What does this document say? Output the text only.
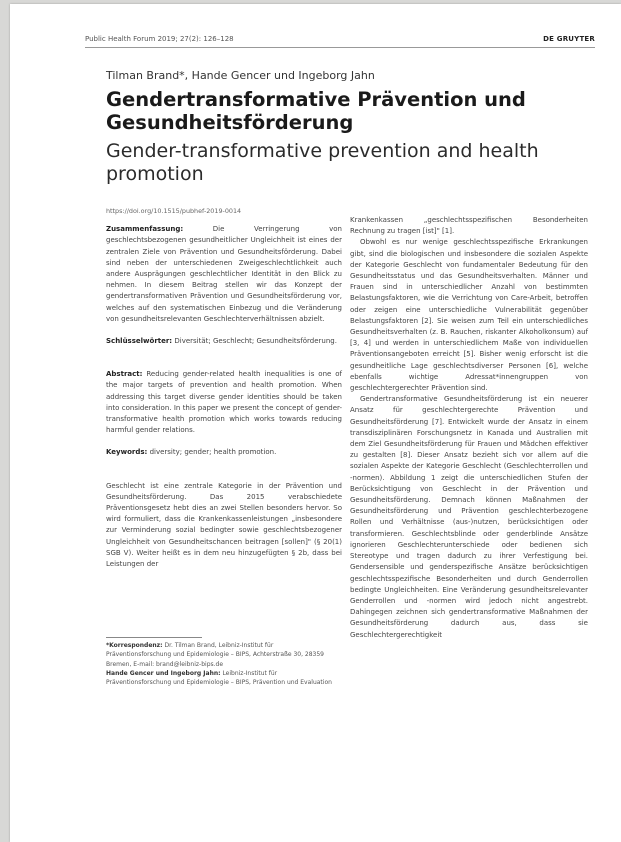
Public Health Forum 2019; 27(2): 126–128	DE GRUYTER
Tilman Brand*, Hande Gencer und Ingeborg Jahn
Gendertransformative Prävention und
Gesundheitsförderung
Gender-transformative prevention and health
promotion

https://doi.org/10.1515/pubhef-2019-0014

Zusammenfassung:	Die Verringerung von geschlechtsbezogenen gesundheitlicher Ungleichheit ist eines der zentralen Ziele von Prävention und Gesundheitsförderung. Dabei sind neben der unterschiedenen Zweigeschlechtlichkeit auch andere Ausprägungen geschlechtlicher Identität in den Blick zu nehmen. In diesem Beitrag stellen wir das Konzept der gendertransformativen Prävention und Gesundheitsförderung vor, welches auf den systematischen Einbezug und die Veränderung von gesundheitsrelevanten Geschlechterverhältnissen abzielt.

Schlüsselwörter: Diversität; Geschlecht; Gesundheitsförderung.

Abstract: Reducing gender-related health inequalities is one of the major targets of prevention and health promotion. When addressing this target diverse gender identities should be taken into consideration. In this paper we present the concept of gender-transformative health promotion which works towards reducing harmful gender relations.

Keywords: diversity; gender; health promotion.

Geschlecht ist eine zentrale Kategorie in der Prävention und Gesundheitsförderung. Das 2015 verabschiedete Präventionsgesetz hebt dies an zwei Stellen besonders hervor. So wird formuliert, dass die Krankenkassenleistungen „insbesondere zur Verminderung sozial bedingter sowie geschlechtsbezogener Ungleichheit von Gesundheitschancen beitragen [sollen]" (§ 20(1) SGB V). Weiter heißt es in dem neu hinzugefügten § 2b, dass bei Leistungen der

*Korrespondenz: Dr. Tilman Brand, Leibniz-Institut für Präventionsforschung und Epidemiologie – BIPS, Achterstraße 30, 28359 Bremen, E-mail: brand@leibniz-bips.de
Hande Gencer und Ingeborg Jahn: Leibniz-Institut für Präventionsforschung und Epidemiologie – BIPS, Prävention und Evaluation

Krankenkassen „geschlechtsspezifischen Besonderheiten Rechnung zu tragen [ist]" [1].

Obwohl es nur wenige geschlechtsspezifische Erkrankungen gibt, sind die biologischen und insbesondere die sozialen Aspekte der Kategorie Geschlecht von fundamentaler Bedeutung für den Gesundheitsstatus und das Gesundheitsverhalten. Männer und Frauen sind in unterschiedlicher Anzahl von bestimmten Belastungsfaktoren, wie die Verrichtung von Care-Arbeit, betroffen oder zeigen eine unterschiedliche Vulnerabilität gegenüber Belastungsfaktoren [2]. Sie weisen zum Teil ein unterschiedliches Gesundheitsverhalten (z. B. Rauchen, riskanter Alkoholkonsum) auf [3, 4] und werden in unterschiedlichem Maße von individuellen Präventionsangeboten erreicht [5]. Bisher wenig erforscht ist die gesundheitliche Lage geschlechtsdiverser Personen [6], welche ebenfalls wichtige Adressat*innengruppen von geschlechtergerechter Prävention sind.

Gendertransformative Gesundheitsförderung ist ein neuerer Ansatz für geschlechtergerechte Prävention und Gesundheitsförderung [7]. Entwickelt wurde der Ansatz in einem transdisziplinären Forschungsnetz in Kanada und Australien mit dem Ziel Gesundheitsförderung für Frauen und Mädchen effektiver zu gestalten [8]. Dieser Ansatz bezieht sich vor allem auf die sozialen Aspekte der Kategorie Geschlecht (Geschlechterrollen und -normen). Abbildung 1 zeigt die unterschiedlichen Stufen der Berücksichtigung von Geschlecht in der Prävention und Gesundheitsförderung. Demnach können Maßnahmen der Gesundheitsförderung und Prävention geschlechterbezogene Rollen und Verhältnisse (aus-)nutzen, berücksichtigen oder transformieren. Geschlechtsblinde oder genderblinde Ansätze ignorieren Geschlechterunterschiede oder bedienen sich Stereotype und tragen dadurch zu ihrer Verfestigung bei. Gendersensible und genderspezifische Ansätze berücksichtigen geschlechtsspezifische Besonderheiten und durch Genderrollen bedingte Ungleichheiten. Eine Veränderung gesundheitsrelevanter Genderrollen und -normen wird jedoch nicht angestrebt. Dahingegen zeichnen sich gendertransformative Maßnahmen der Gesundheitsförderung dadurch aus, dass sie Geschlechtergerechtigkeit
